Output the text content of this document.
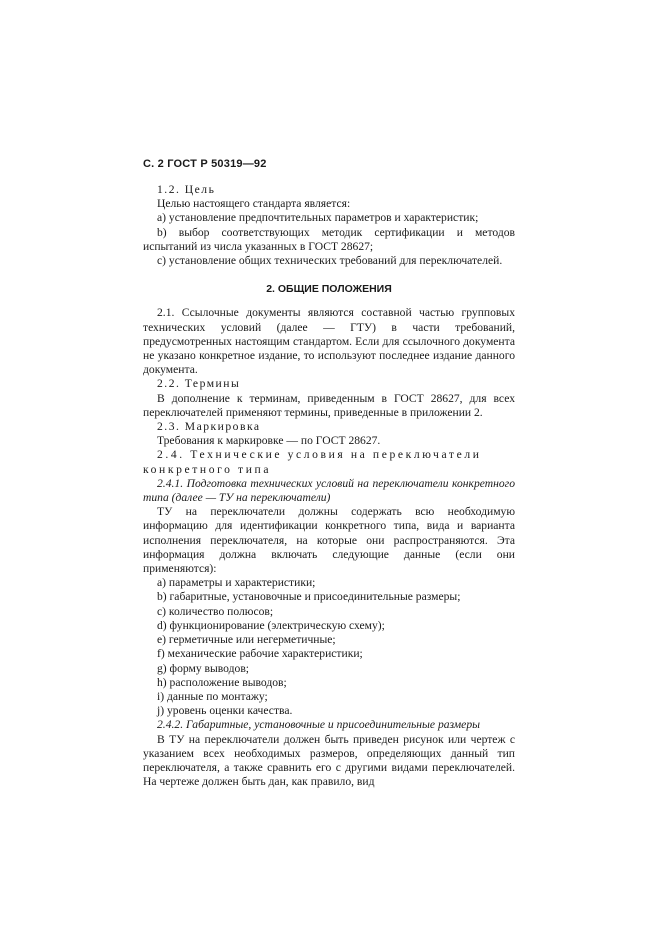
С. 2 ГОСТ Р 50319—92

1.2. Цель

Целью настоящего стандарта является:

а) установление предпочтительных параметров и характеристик;

b) выбор соответствующих методик сертификации и методов испытаний из числа указанных в ГОСТ 28627;

с) установление общих технических требований для переключателей.

2. ОБЩИЕ ПОЛОЖЕНИЯ

2.1. Ссылочные документы являются составной частью групповых технических условий (далее — ГТУ) в части требований, предусмотренных настоящим стандартом. Если для ссылочного документа не указано конкретное издание, то используют последнее издание данного документа.

2.2. Термины

В дополнение к терминам, приведенным в ГОСТ 28627, для всех переключателей применяют термины, приведенные в приложении 2.

2.3. Маркировка

Требования к маркировке — по ГОСТ 28627.

2.4. Технические условия на переключатели конкретного типа

2.4.1. Подготовка технических условий на переключатели конкретного типа (далее — ТУ на переключатели)

ТУ на переключатели должны содержать всю необходимую информацию для идентификации конкретного типа, вида и варианта исполнения переключателя, на которые они распространяются. Эта информация должна включать следующие данные (если они применяются):

a) параметры и характеристики;

b) габаритные, установочные и присоединительные размеры;

c) количество полюсов;

d) функционирование (электрическую схему);

e) герметичные или негерметичные;

f) механические рабочие характеристики;

g) форму выводов;

h) расположение выводов;

i) данные по монтажу;

j) уровень оценки качества.

2.4.2. Габаритные, установочные и присоединительные размеры

В ТУ на переключатели должен быть приведен рисунок или чертеж с указанием всех необходимых размеров, определяющих данный тип переключателя, а также сравнить его с другими видами переключателей. На чертеже должен быть дан, как правило, вид
